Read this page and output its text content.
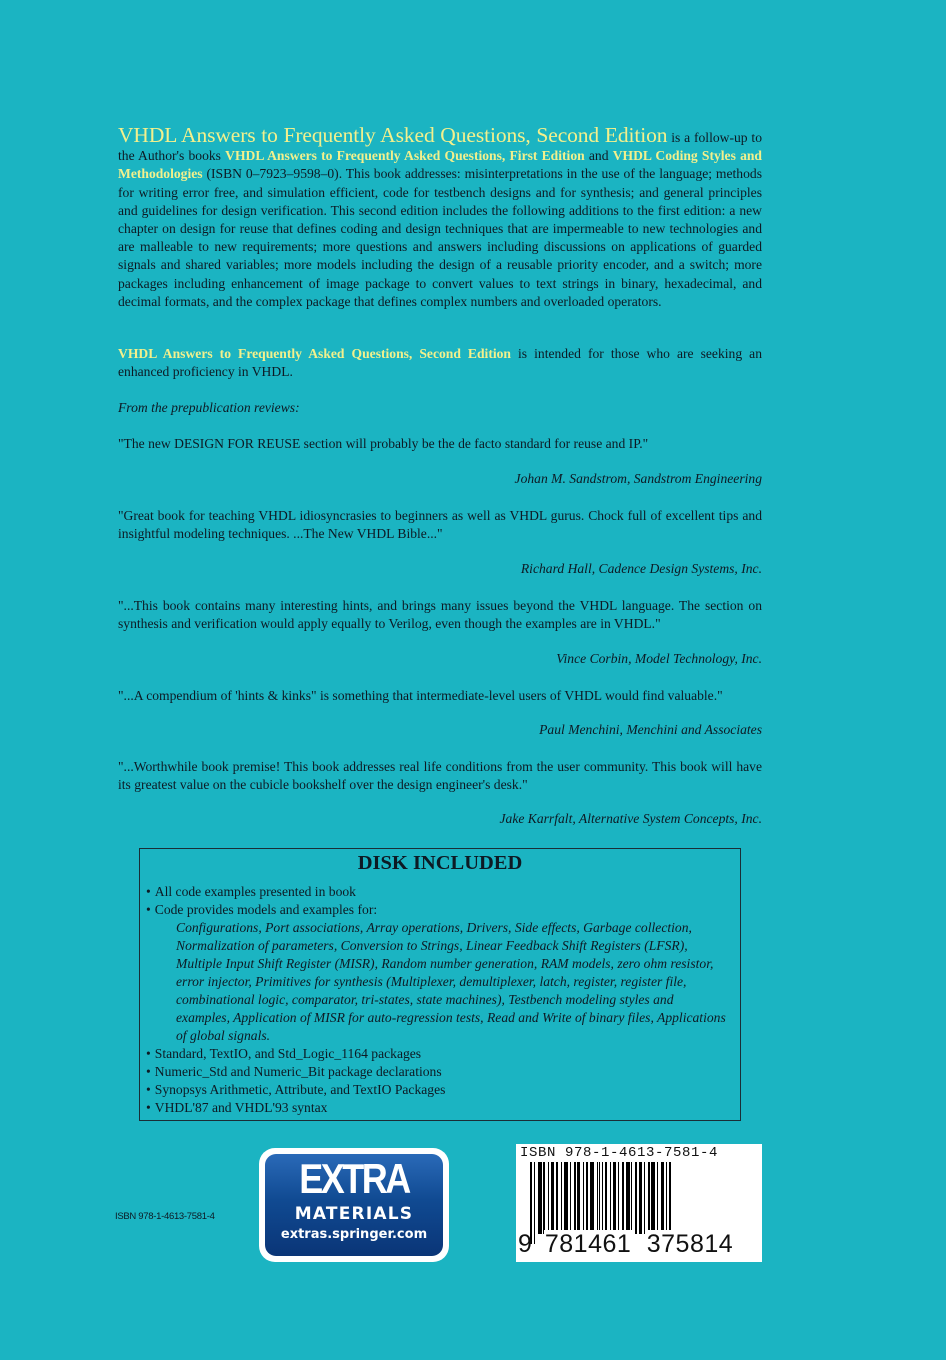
VHDL Answers to Frequently Asked Questions, Second Edition is a follow-up to the Author's books VHDL Answers to Frequently Asked Questions, First Edition and VHDL Coding Styles and Methodologies (ISBN 0–7923–9598–0). This book addresses: misinterpretations in the use of the language; methods for writing error free, and simulation efficient, code for testbench designs and for synthesis; and general principles and guidelines for design verification. This second edition includes the following additions to the first edition: a new chapter on design for reuse that defines coding and design techniques that are impermeable to new technologies and are malleable to new requirements; more questions and answers including discussions on applications of guarded signals and shared variables; more models including the design of a reusable priority encoder, and a switch; more packages including enhancement of image package to convert values to text strings in binary, hexadecimal, and decimal formats, and the complex package that defines complex numbers and overloaded operators.
VHDL Answers to Frequently Asked Questions, Second Edition is intended for those who are seeking an enhanced proficiency in VHDL.
From the prepublication reviews:
"The new DESIGN FOR REUSE section will probably be the de facto standard for reuse and IP."
Johan M. Sandstrom, Sandstrom Engineering
"Great book for teaching VHDL idiosyncrasies to beginners as well as VHDL gurus. Chock full of excellent tips and insightful modeling techniques. ...The New VHDL Bible..."
Richard Hall, Cadence Design Systems, Inc.
"...This book contains many interesting hints, and brings many issues beyond the VHDL language. The section on synthesis and verification would apply equally to Verilog, even though the examples are in VHDL."
Vince Corbin, Model Technology, Inc.
"...A compendium of 'hints & kinks" is something that intermediate-level users of VHDL would find valuable."
Paul Menchini, Menchini and Associates
"...Worthwhile book premise! This book addresses real life conditions from the user community. This book will have its greatest value on the cubicle bookshelf over the design engineer's desk."
Jake Karrfalt, Alternative System Concepts, Inc.
DISK INCLUDED
• All code examples presented in book
• Code provides models and examples for:
Configurations, Port associations, Array operations, Drivers, Side effects, Garbage collection, Normalization of parameters, Conversion to Strings, Linear Feedback Shift Registers (LFSR), Multiple Input Shift Register (MISR), Random number generation, RAM models, zero ohm resistor, error injector, Primitives for synthesis (Multiplexer, demultiplexer, latch, register, register file, combinational logic, comparator, tri-states, state machines), Testbench modeling styles and examples, Application of MISR for auto-regression tests, Read and Write of binary files, Applications of global signals.
• Standard, TextIO, and Std_Logic_1164 packages
• Numeric_Std and Numeric_Bit package declarations
• Synopsys Arithmetic, Attribute, and TextIO Packages
• VHDL'87 and VHDL'93 syntax
EXTRA
MATERIALS
extras.springer.com
ISBN 978-1-4613-7581-4
ISBN 978-1-4613-7581-4
9 781461 375814
